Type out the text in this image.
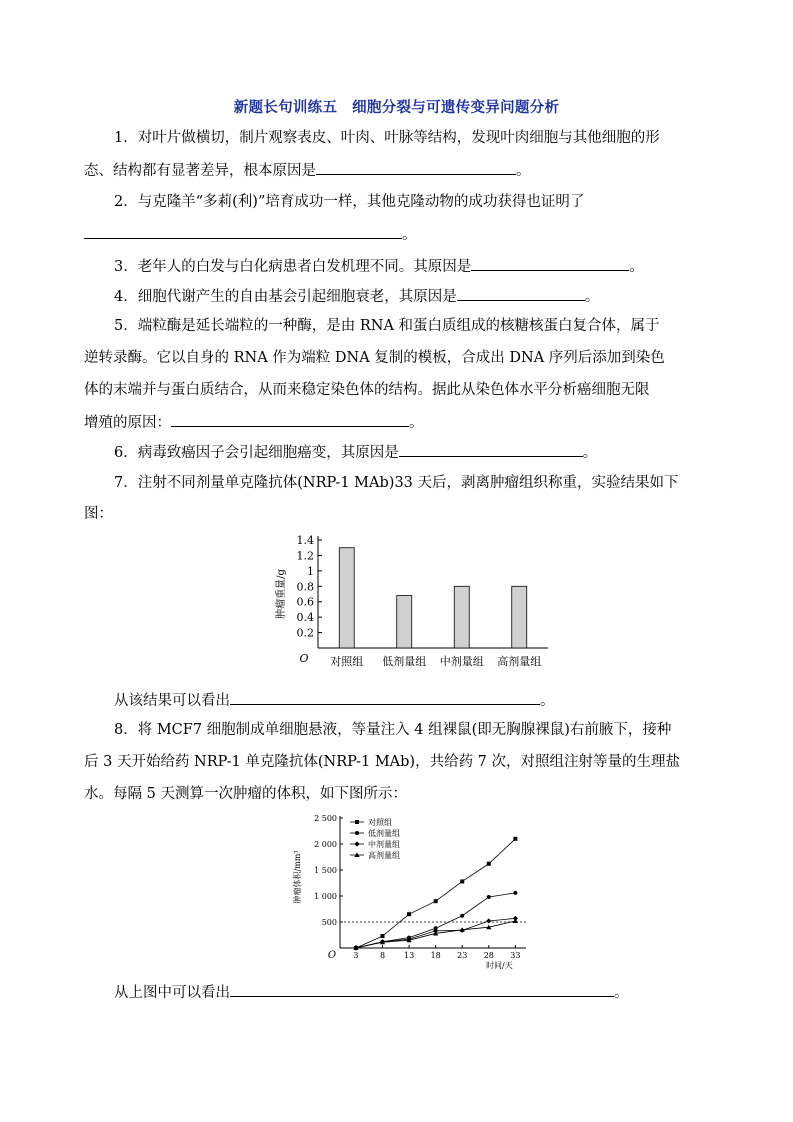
新题长句训练五　细胞分裂与可遗传变异问题分析
1．对叶片做横切，制片观察表皮、叶肉、叶脉等结构，发现叶肉细胞与其他细胞的形
态、结构都有显著差异，根本原因是	。
2．与克隆羊“多莉(利)”培育成功一样，其他克隆动物的成功获得也证明了
。
3．老年人的白发与白化病患者白发机理不同。其原因是	。
4．细胞代谢产生的自由基会引起细胞衰老，其原因是	。
5．端粒酶是延长端粒的一种酶，是由 RNA 和蛋白质组成的核糖核蛋白复合体，属于
逆转录酶。它以自身的 RNA 作为端粒 DNA 复制的模板，合成出 DNA 序列后添加到染色
体的末端并与蛋白质结合，从而来稳定染色体的结构。据此从染色体水平分析癌细胞无限
增殖的原因：	。
6．病毒致癌因子会引起细胞癌变，其原因是	。
7．注射不同剂量单克隆抗体(NRP-1 MAb)33 天后，剥离肿瘤组织称重，实验结果如下
图：
0.2
0.4
0.6
0.8
1
1.2
1.4
O
肿瘤重量/g
对照组 低剂量组 中剂量组 高剂量组
从该结果可以看出	。
8．将 MCF7 细胞制成单细胞悬液，等量注入 4 组裸鼠(即无胸腺裸鼠)右前腋下，接种
后 3 天开始给药 NRP-1 单克隆抗体(NRP-1 MAb)，共给药 7 次，对照组注射等量的生理盐
水。每隔 5 天测算一次肿瘤的体积，如下图所示：
500
1 000
1 500
2 000
2 500
3	8 13 18 23 28 33
O
时间/天
肿瘤体积/mm³
对照组
低剂量组
中剂量组
高剂量组
从上图中可以看出	。
